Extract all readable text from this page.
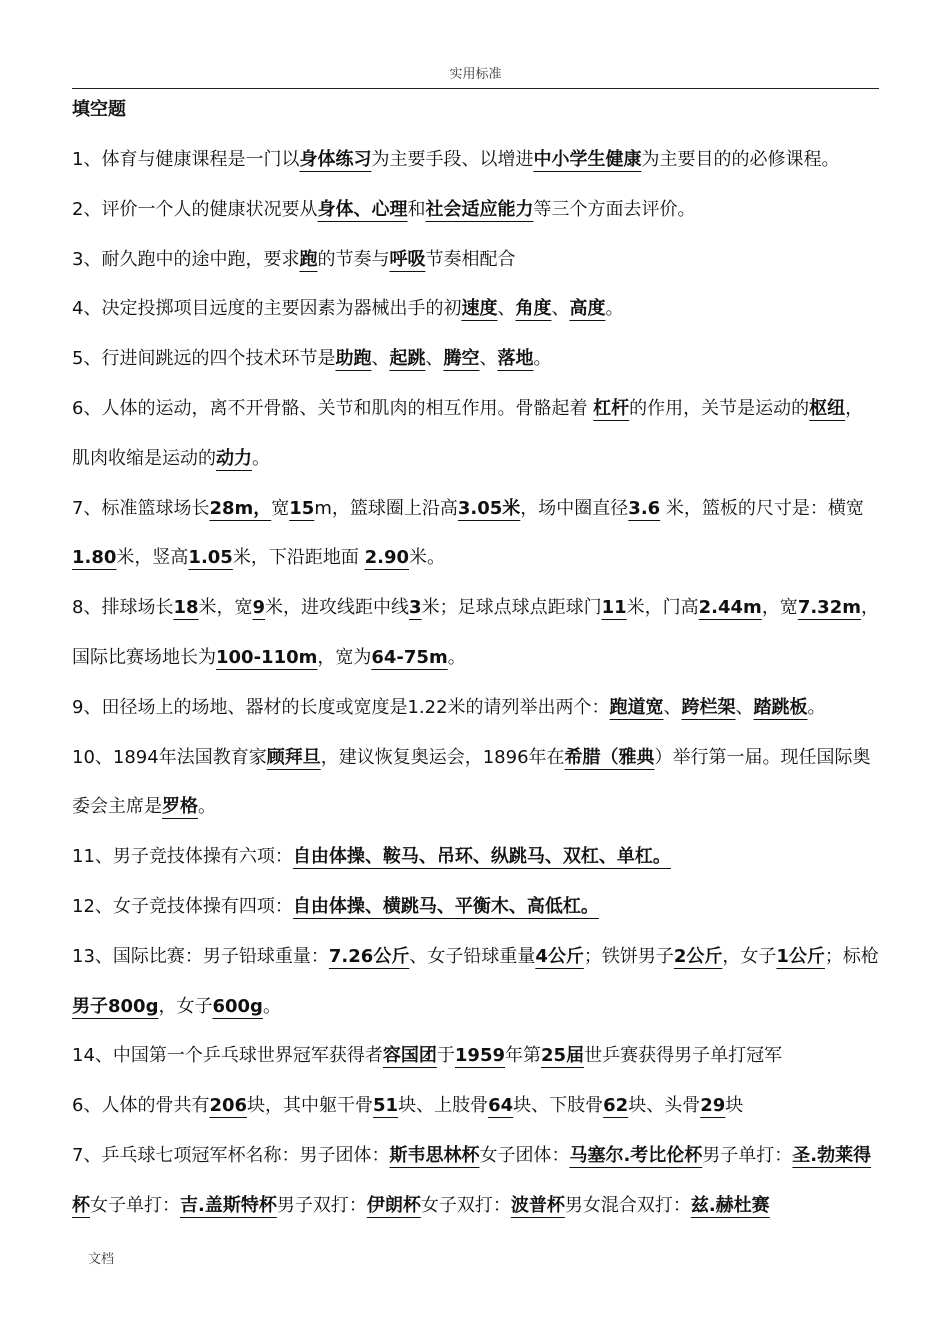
实用标准
填空题

1、体育与健康课程是一门以身体练习为主要手段、以增进中小学生健康为主要目的的必修课程。

2、评价一个人的健康状况要从身体、心理和社会适应能力等三个方面去评价。

3、耐久跑中的途中跑，要求跑的节奏与呼吸节奏相配合

4、决定投掷项目远度的主要因素为器械出手的初速度、角度、高度。

5、行进间跳远的四个技术环节是助跑、起跳、腾空、落地。

6、人体的运动，离不开骨骼、关节和肌肉的相互作用。骨骼起着 杠杆的作用，关节是运动的枢纽，肌肉收缩是运动的动力。

7、标准篮球场长28m，宽15m，篮球圈上沿高3.05米，场中圈直径3.6 米，篮板的尺寸是：横宽1.80米，竖高1.05米，下沿距地面 2.90米。

8、排球场长18米，宽9米，进攻线距中线3米；足球点球点距球门11米，门高2.44m，宽7.32m，国际比赛场地长为100-110m，宽为64-75m。

9、田径场上的场地、器材的长度或宽度是1.22米的请列举出两个：跑道宽、跨栏架、踏跳板。

10、1894年法国教育家顾拜旦，建议恢复奥运会，1896年在希腊（雅典）举行第一届。现任国际奥委会主席是罗格。

11、男子竞技体操有六项：自由体操、鞍马、吊环、纵跳马、双杠、单杠。

12、女子竞技体操有四项：自由体操、横跳马、平衡木、高低杠。

13、国际比赛：男子铅球重量：7.26公斤、女子铅球重量4公斤；铁饼男子2公斤，女子1公斤；标枪男子800g，女子600g。

14、中国第一个乒乓球世界冠军获得者容国团于1959年第25届世乒赛获得男子单打冠军

6、人体的骨共有206块，其中躯干骨51块、上肢骨64块、下肢骨62块、头骨29块

7、乒乓球七项冠军杯名称：男子团体：斯韦思林杯女子团体：马塞尔.考比伦杯男子单打：圣.勃莱得杯女子单打：吉.盖斯特杯男子双打：伊朗杯女子双打：波普杯男女混合双打：兹.赫杜赛

文档
